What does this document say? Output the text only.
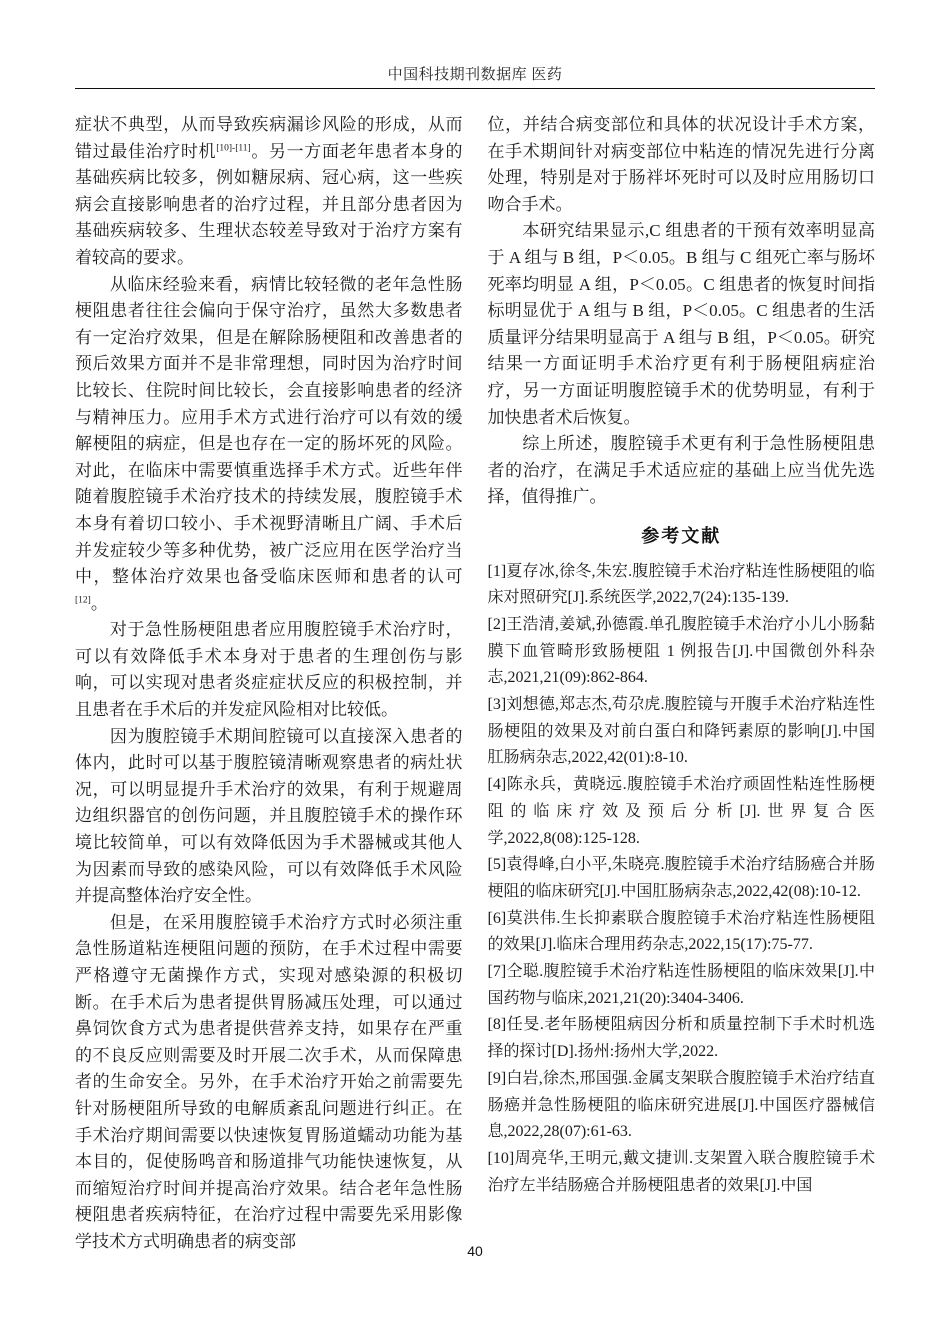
中国科技期刊数据库 医药

症状不典型，从而导致疾病漏诊风险的形成，从而错过最佳治疗时机[10]-[11]。另一方面老年患者本身的基础疾病比较多，例如糖尿病、冠心病，这一些疾病会直接影响患者的治疗过程，并且部分患者因为基础疾病较多、生理状态较差导致对于治疗方案有着较高的要求。

从临床经验来看，病情比较轻微的老年急性肠梗阻患者往往会偏向于保守治疗，虽然大多数患者有一定治疗效果，但是在解除肠梗阻和改善患者的预后效果方面并不是非常理想，同时因为治疗时间比较长、住院时间比较长，会直接影响患者的经济与精神压力。应用手术方式进行治疗可以有效的缓解梗阻的病症，但是也存在一定的肠坏死的风险。对此，在临床中需要慎重选择手术方式。近些年伴随着腹腔镜手术治疗技术的持续发展，腹腔镜手术本身有着切口较小、手术视野清晰且广阔、手术后并发症较少等多种优势，被广泛应用在医学治疗当中，整体治疗效果也备受临床医师和患者的认可[12]。

对于急性肠梗阻患者应用腹腔镜手术治疗时，可以有效降低手术本身对于患者的生理创伤与影响，可以实现对患者炎症症状反应的积极控制，并且患者在手术后的并发症风险相对比较低。

因为腹腔镜手术期间腔镜可以直接深入患者的体内，此时可以基于腹腔镜清晰观察患者的病灶状况，可以明显提升手术治疗的效果，有利于规避周边组织器官的创伤问题，并且腹腔镜手术的操作环境比较简单，可以有效降低因为手术器械或其他人为因素而导致的感染风险，可以有效降低手术风险并提高整体治疗安全性。

但是，在采用腹腔镜手术治疗方式时必须注重急性肠道粘连梗阻问题的预防，在手术过程中需要严格遵守无菌操作方式，实现对感染源的积极切断。在手术后为患者提供胃肠减压处理，可以通过鼻饲饮食方式为患者提供营养支持，如果存在严重的不良反应则需要及时开展二次手术，从而保障患者的生命安全。另外，在手术治疗开始之前需要先针对肠梗阻所导致的电解质紊乱问题进行纠正。在手术治疗期间需要以快速恢复胃肠道蠕动功能为基本目的，促使肠鸣音和肠道排气功能快速恢复，从而缩短治疗时间并提高治疗效果。结合老年急性肠梗阻患者疾病特征，在治疗过程中需要先采用影像学技术方式明确患者的病变部

位，并结合病变部位和具体的状况设计手术方案，在手术期间针对病变部位中粘连的情况先进行分离处理，特别是对于肠袢坏死时可以及时应用肠切口吻合手术。

本研究结果显示,C 组患者的干预有效率明显高于 A 组与 B 组，P＜0.05。B 组与 C 组死亡率与肠坏死率均明显 A 组，P＜0.05。C 组患者的恢复时间指标明显优于 A 组与 B 组，P＜0.05。C 组患者的生活质量评分结果明显高于 A 组与 B 组，P＜0.05。研究结果一方面证明手术治疗更有利于肠梗阻病症治疗，另一方面证明腹腔镜手术的优势明显，有利于加快患者术后恢复。

综上所述，腹腔镜手术更有利于急性肠梗阻患者的治疗，在满足手术适应症的基础上应当优先选择，值得推广。

参考文献

[1]夏存冰,徐冬,朱宏.腹腔镜手术治疗粘连性肠梗阻的临床对照研究[J].系统医学,2022,7(24):135-139.

[2]王浩清,姜斌,孙德霞.单孔腹腔镜手术治疗小儿小肠黏膜下血管畸形致肠梗阻 1 例报告[J].中国微创外科杂志,2021,21(09):862-864.

[3]刘想德,郑志杰,苟尕虎.腹腔镜与开腹手术治疗粘连性肠梗阻的效果及对前白蛋白和降钙素原的影响[J].中国肛肠病杂志,2022,42(01):8-10.

[4]陈永兵，黄晓远.腹腔镜手术治疗顽固性粘连性肠梗阻的临床疗效及预后分析[J].世界复合医学,2022,8(08):125-128.

[5]袁得峰,白小平,朱晓亮.腹腔镜手术治疗结肠癌合并肠梗阻的临床研究[J].中国肛肠病杂志,2022,42(08):10-12.

[6]莫洪伟.生长抑素联合腹腔镜手术治疗粘连性肠梗阻的效果[J].临床合理用药杂志,2022,15(17):75-77.

[7]仝聪.腹腔镜手术治疗粘连性肠梗阻的临床效果[J].中国药物与临床,2021,21(20):3404-3406.

[8]任旻.老年肠梗阻病因分析和质量控制下手术时机选择的探讨[D].扬州:扬州大学,2022.

[9]白岩,徐杰,邢国强.金属支架联合腹腔镜手术治疗结直肠癌并急性肠梗阻的临床研究进展[J].中国医疗器械信息,2022,28(07):61-63.

[10]周亮华,王明元,戴文捷训.支架置入联合腹腔镜手术治疗左半结肠癌合并肠梗阻患者的效果[J].中国

40
